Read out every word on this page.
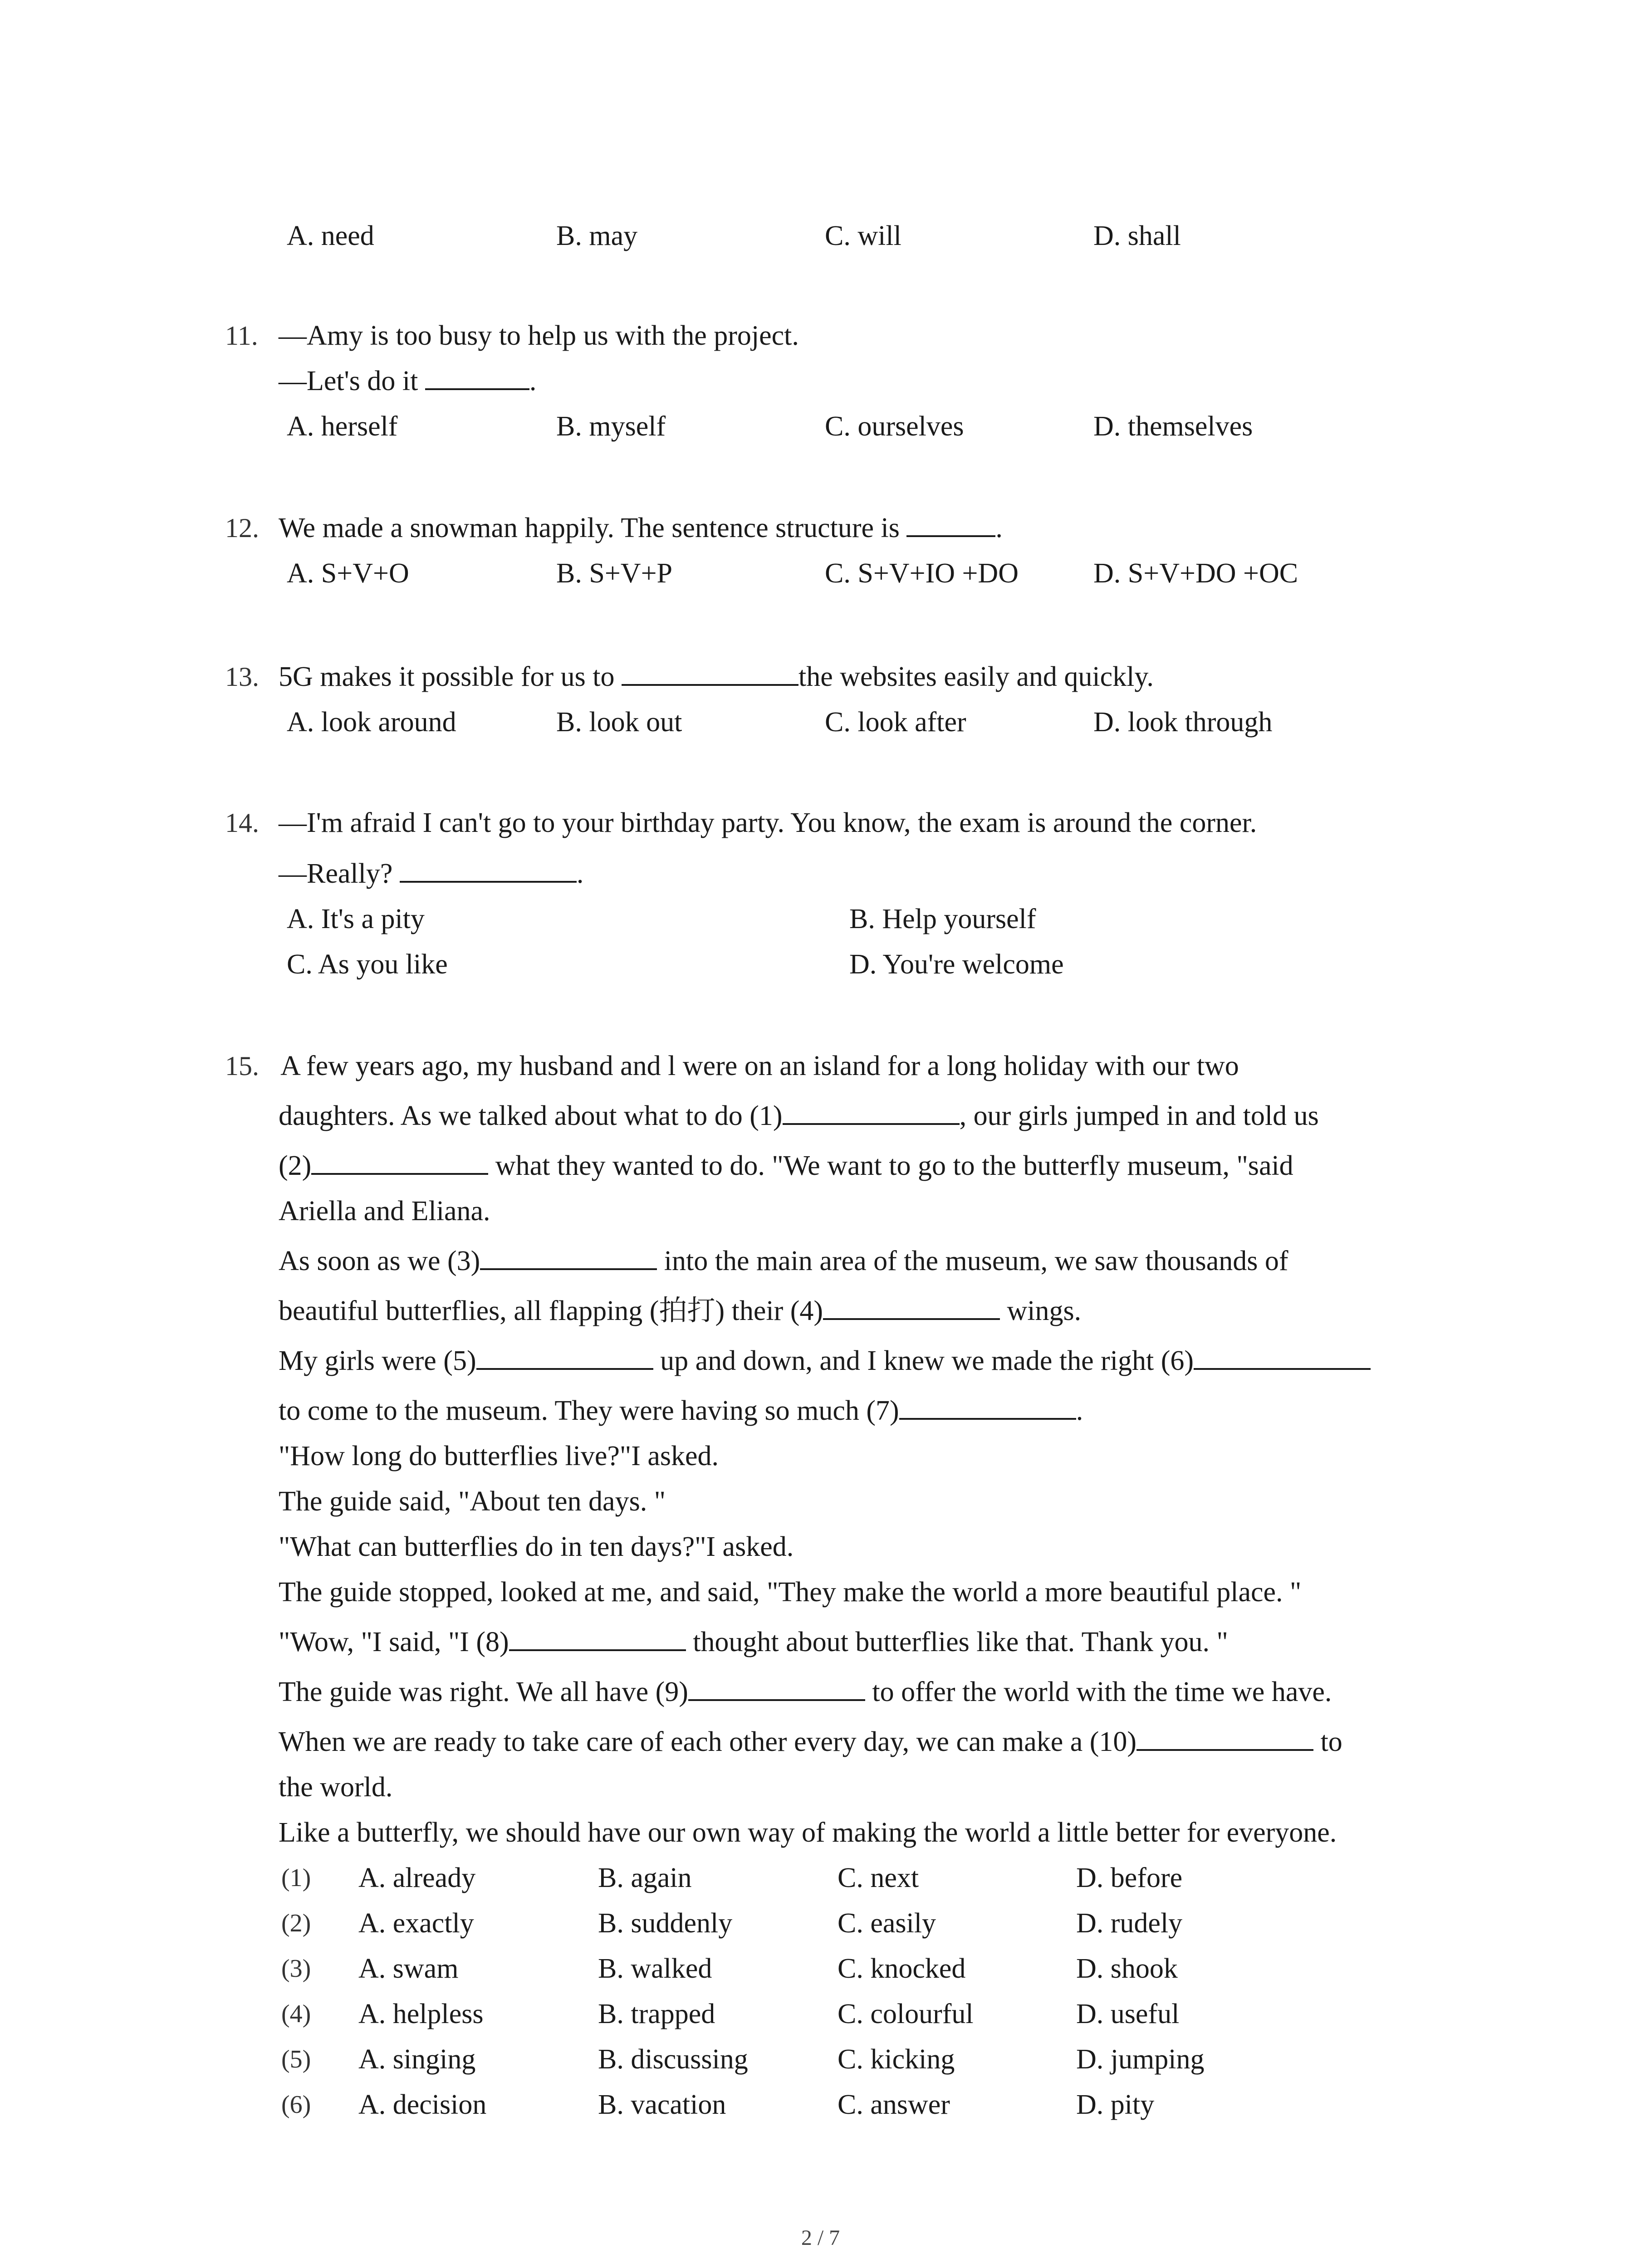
A. need	B. may	C. will	D. shall
11. —Amy is too busy to help us with the project.
—Let's do it	.
A. herself	B. myself	C. ourselves	D. themselves
12. We made a snowman happily. The sentence structure is	.
A. S+V+O	B. S+V+P	C. S+V+IO +DO	D. S+V+DO +OC
13. 5G makes it possible for us to	the websites easily and quickly.
A. look around	B. look out	C. look after	D. look through
14. —I'm afraid I can't go to your birthday party. You know, the exam is around the corner.
—Really?	.
A. It's a pity	B. Help yourself
C. As you like	D. You're welcome
15. A few years ago, my husband and l were on an island for a long holiday with our two
daughters. As we talked about what to do (1)	, our girls jumped in and told us
(2)	what they wanted to do. "We want to go to the butterfly museum, "said
Ariella and Eliana.
As soon as we (3)	into the main area of the museum, we saw thousands of
beautiful butterflies, all flapping (拍打) their (4)	wings.
My girls were (5)	up and down, and I knew we made the right (6)
to come to the museum. They were having so much (7)	.
"How long do butterflies live?"I asked.
The guide said, "About ten days. "
"What can butterflies do in ten days?"I asked.
The guide stopped, looked at me, and said, "They make the world a more beautiful place. "
"Wow, "I said, "I (8)	thought about butterflies like that. Thank you. "
The guide was right. We all have (9)	to offer the world with the time we have.
When we are ready to take care of each other every day, we can make a (10)	to
the world.
Like a butterfly, we should have our own way of making the world a little better for everyone.
(1) A. already	B. again	C. next	D. before
(2) A. exactly	B. suddenly	C. easily	D. rudely
(3) A. swam	B. walked	C. knocked	D. shook
(4) A. helpless	B. trapped	C. colourful	D. useful
(5) A. singing	B. discussing	C. kicking	D. jumping
(6) A. decision	B. vacation	C. answer	D. pity
2 / 7
